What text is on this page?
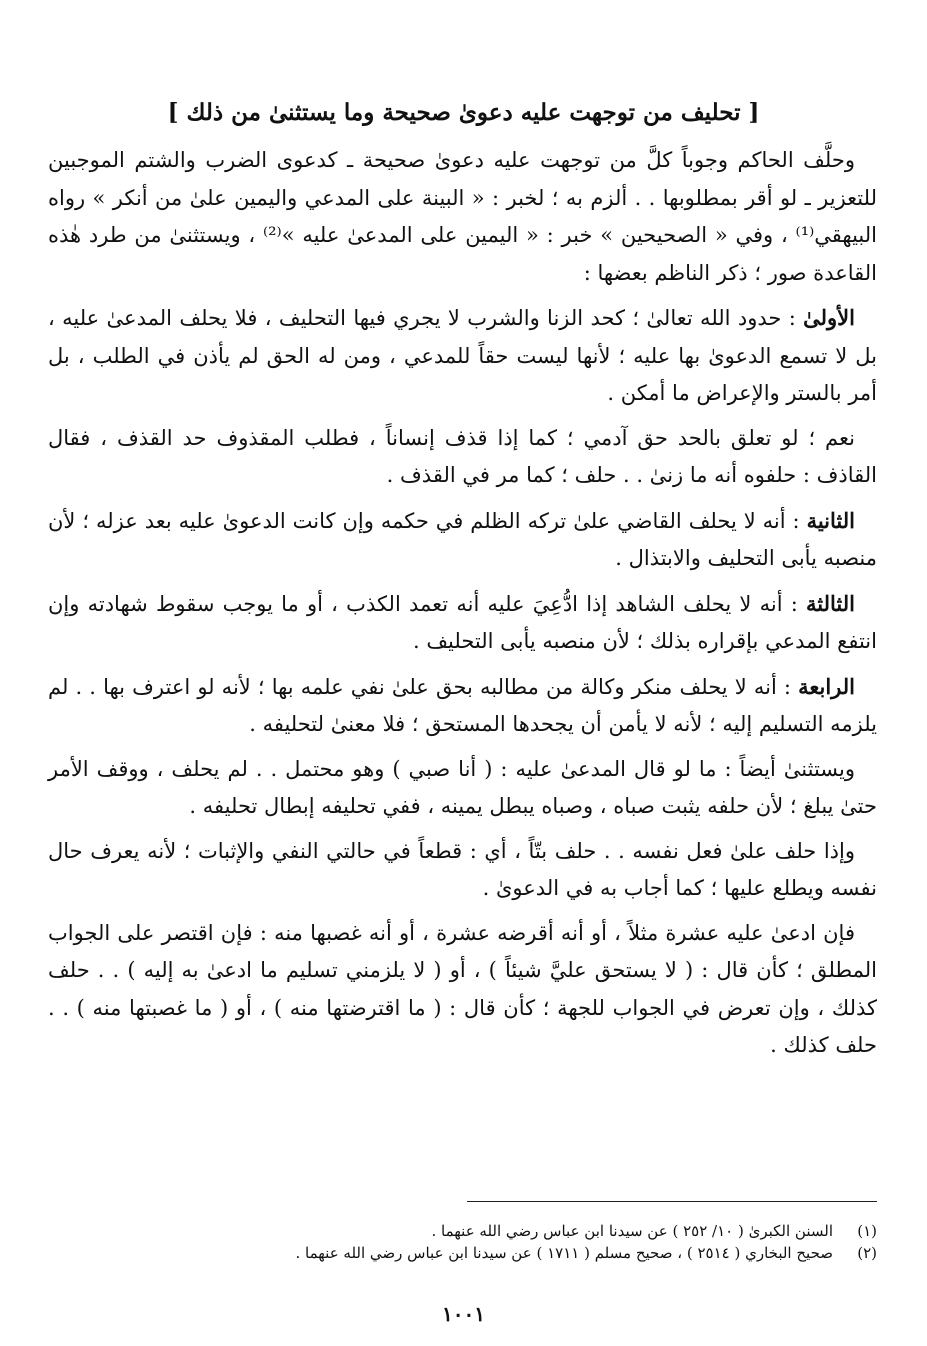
[ تحليف من توجهت عليه دعوىٰ صحيحة وما يستثنىٰ من ذلك ]

وحلَّف الحاكم وجوباً كلَّ من توجهت عليه دعوىٰ صحيحة ـ كدعوى الضرب والشتم الموجبين للتعزير ـ لو أقر بمطلوبها . . ألزم به ؛ لخبر : « البينة على المدعي واليمين علىٰ من أنكر » رواه البيهقي⁽¹⁾ ، وفي « الصحيحين » خبر : « اليمين على المدعىٰ عليه »⁽²⁾ ، ويستثنىٰ من طرد هٰذه القاعدة صور ؛ ذكر الناظم بعضها :

الأولىٰ : حدود الله تعالىٰ ؛ كحد الزنا والشرب لا يجري فيها التحليف ، فلا يحلف المدعىٰ عليه ، بل لا تسمع الدعوىٰ بها عليه ؛ لأنها ليست حقاً للمدعي ، ومن له الحق لم يأذن في الطلب ، بل أمر بالستر والإعراض ما أمكن .

نعم ؛ لو تعلق بالحد حق آدمي ؛ كما إذا قذف إنساناً ، فطلب المقذوف حد القذف ، فقال القاذف : حلفوه أنه ما زنىٰ . . حلف ؛ كما مر في القذف .

الثانية : أنه لا يحلف القاضي علىٰ تركه الظلم في حكمه وإن كانت الدعوىٰ عليه بعد عزله ؛ لأن منصبه يأبى التحليف والابتذال .

الثالثة : أنه لا يحلف الشاهد إذا ادُّعِيَ عليه أنه تعمد الكذب ، أو ما يوجب سقوط شهادته وإن انتفع المدعي بإقراره بذلك ؛ لأن منصبه يأبى التحليف .

الرابعة : أنه لا يحلف منكر وكالة من مطالبه بحق علىٰ نفي علمه بها ؛ لأنه لو اعترف بها . . لم يلزمه التسليم إليه ؛ لأنه لا يأمن أن يجحدها المستحق ؛ فلا معنىٰ لتحليفه .

ويستثنىٰ أيضاً : ما لو قال المدعىٰ عليه : ( أنا صبي ) وهو محتمل . . لم يحلف ، ووقف الأمر حتىٰ يبلغ ؛ لأن حلفه يثبت صباه ، وصباه يبطل يمينه ، ففي تحليفه إبطال تحليفه .

وإذا حلف علىٰ فعل نفسه . . حلف بتّاً ، أي : قطعاً في حالتي النفي والإثبات ؛ لأنه يعرف حال نفسه ويطلع عليها ؛ كما أجاب به في الدعوىٰ .

فإن ادعىٰ عليه عشرة مثلاً ، أو أنه أقرضه عشرة ، أو أنه غصبها منه : فإن اقتصر على الجواب المطلق ؛ كأن قال : ( لا يستحق عليَّ شيئاً ) ، أو ( لا يلزمني تسليم ما ادعىٰ به إليه ) . . حلف كذلك ، وإن تعرض في الجواب للجهة ؛ كأن قال : ( ما اقترضتها منه ) ، أو ( ما غصبتها منه ) . . حلف كذلك .

(١)
السنن الكبرىٰ ( ١٠/ ٢٥٢ ) عن سيدنا ابن عباس رضي الله عنهما .
(٢)
صحيح البخاري ( ٢٥١٤ ) ، صحيح مسلم ( ١٧١١ ) عن سيدنا ابن عباس رضي الله عنهما .
١٠٠١
